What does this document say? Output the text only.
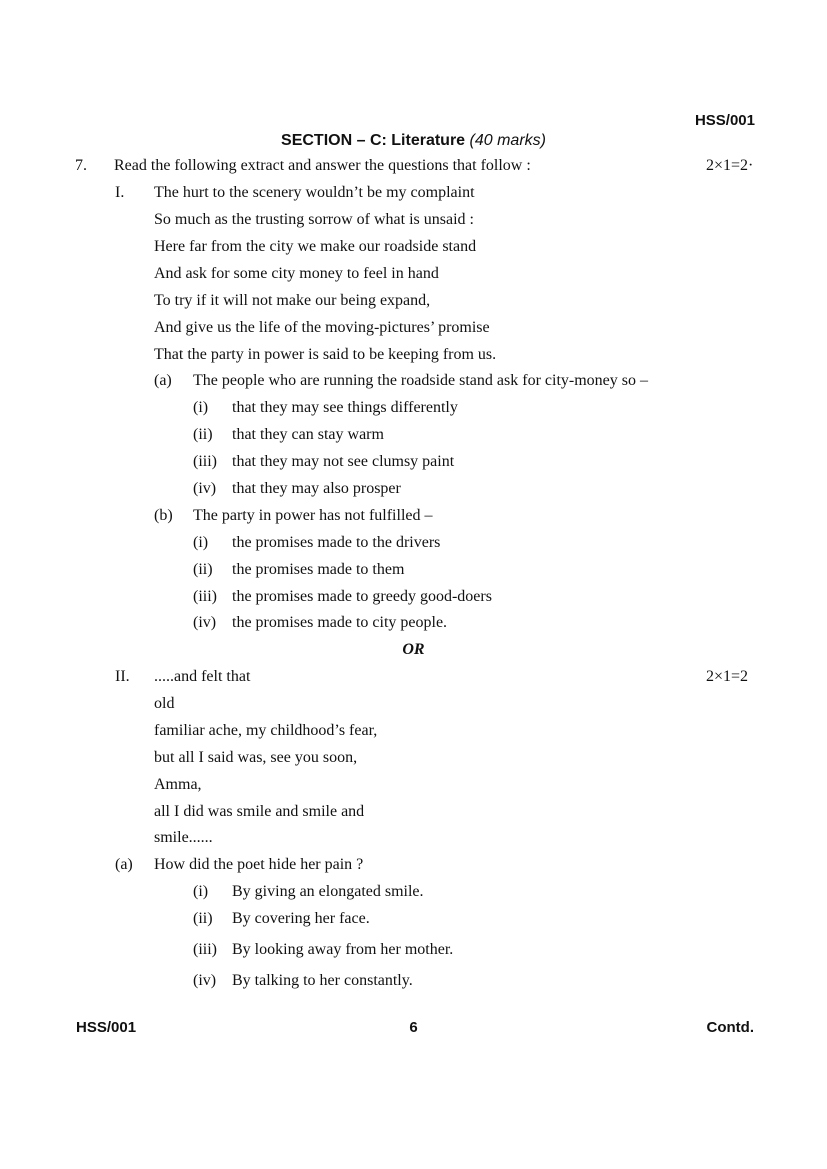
HSS/001
SECTION – C: Literature (40 marks)
7. Read the following extract and answer the questions that follow :	2×1=2·
I. The hurt to the scenery wouldn’t be my complaint
So much as the trusting sorrow of what is unsaid :
Here far from the city we make our roadside stand
And ask for some city money to feel in hand
To try if it will not make our being expand,
And give us the life of the moving-pictures’ promise
That the party in power is said to be keeping from us.
(a) The people who are running the roadside stand ask for city-money so –
(i) that they may see things differently
(ii) that they can stay warm
(iii) that they may not see clumsy paint
(iv) that they may also prosper
(b) The party in power has not fulfilled –
(i) the promises made to the drivers
(ii) the promises made to them
(iii) the promises made to greedy good-doers
(iv) the promises made to city people.
OR
II. .....and felt that	2×1=2
old
familiar ache, my childhood’s fear,
but all I said was, see you soon,
Amma,
all I did was smile and smile and
smile......
(a) How did the poet hide her pain ?
(i) By giving an elongated smile.
(ii) By covering her face.
(iii) By looking away from her mother.
(iv) By talking to her constantly.
HSS/001	6	Contd.
